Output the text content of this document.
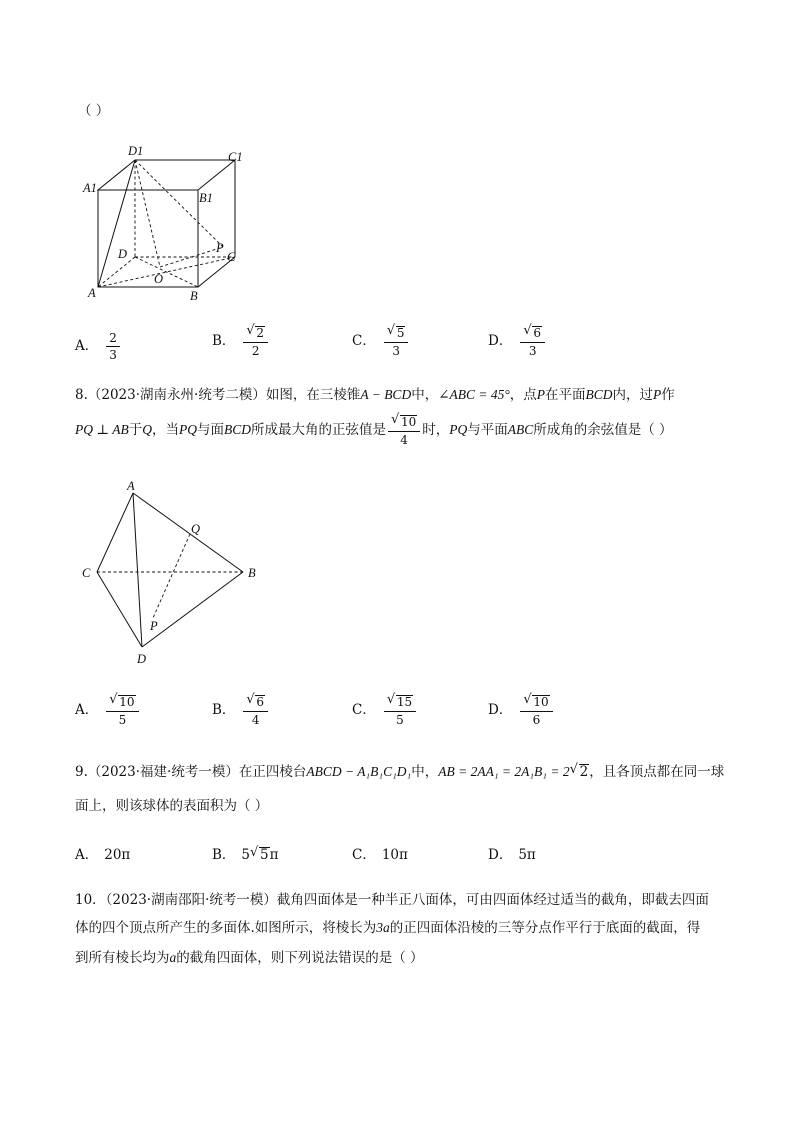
（ ）
D1	C1
A1
B1
D	C
P
O
A	B
A． $\frac{2}{3}$	B． √ $\frac{2}{2}$	C． √ $\frac{5}{3}$	D． √ $\frac{6}{3}$
8.（2023·湖南永州·统考二模）如图，在三棱锥A − BCD中，∠ABC = 45°，点P在平面BCD内，过P作
PQ ⊥ AB于Q，当PQ与面BCD所成最大角的正弦值是 √ $\frac{10}{4}$ 时，PQ与平面ABC所成角的余弦值是（ ）
A
Q
C	B
P
D
A． √ $\frac{10}{5}$	B． √ $\frac{6}{4}$	C． √ $\frac{15}{5}$	D． √ $\frac{10}{6}$
9.（2023·福建·统考一模）在正四棱台ABCD − A₁B₁C₁D₁中，AB = 2AA₁ = 2A₁B₁ = 2 √ 2，且各顶点都在同一球
面上，则该球体的表面积为（ ）
A． 20π	B． 5 √ 5π	C． 10π	D． 5π
10．（2023·湖南邵阳·统考一模）截角四面体是一种半正八面体，可由四面体经过适当的截角，即截去四面
体的四个顶点所产生的多面体.如图所示，将棱长为3a的正四面体沿棱的三等分点作平行于底面的截面，得
到所有棱长均为a的截角四面体，则下列说法错误的是（ ）
